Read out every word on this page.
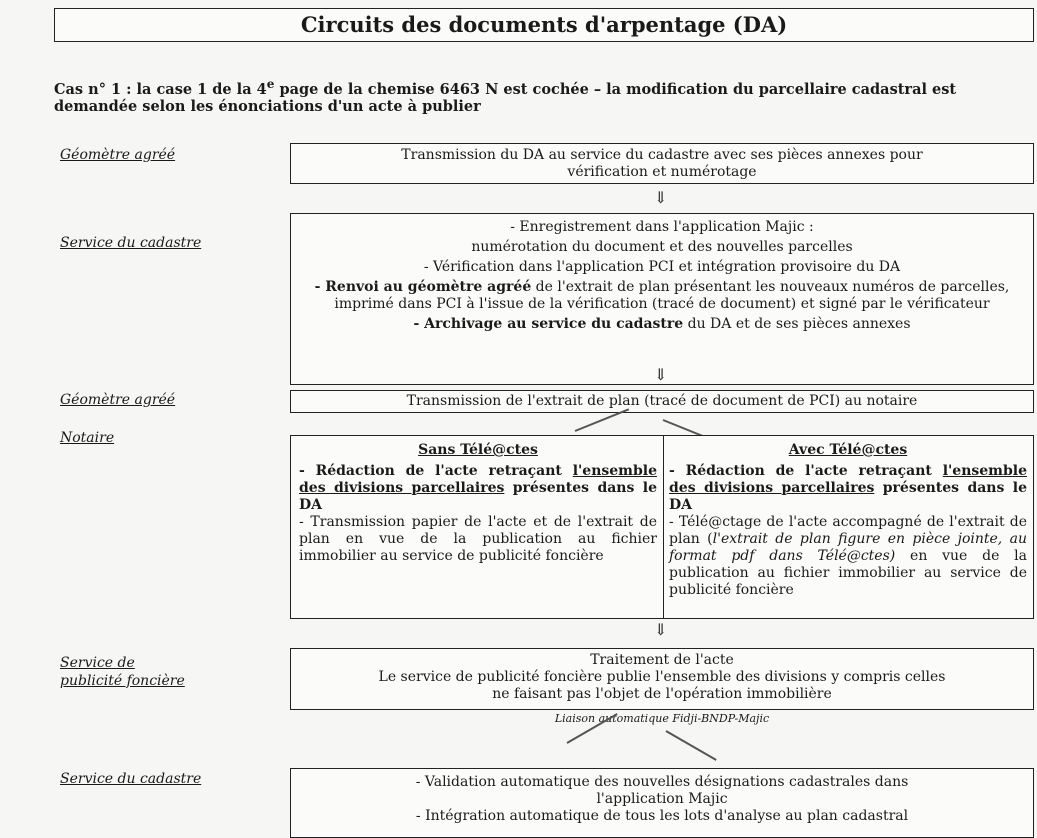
Circuits des documents d'arpentage (DA)
Cas n° 1 : la case 1 de la 4e page de la chemise 6463 N est cochée – la modification du parcellaire cadastral est demandée selon les énonciations d'un acte à publier
Géomètre agréé
Service du cadastre
Géomètre agréé
Notaire
Service de
publicité foncière
Service du cadastre
Transmission du DA au service du cadastre avec ses pièces annexes pour
vérification et numérotage
⇓
- Enregistrement dans l'application Majic :
numérotation du document et des nouvelles parcelles
- Vérification dans l'application PCI et intégration provisoire du DA
- Renvoi au géomètre agréé de l'extrait de plan présentant les nouveaux numéros de parcelles, imprimé dans PCI à l'issue de la vérification (tracé de document) et signé par le vérificateur
- Archivage au service du cadastre du DA et de ses pièces annexes
⇓
Transmission de l'extrait de plan (tracé de document de PCI) au notaire
Sans Télé@ctes
- Rédaction de l'acte retraçant l'ensemble des divisions parcellaires présentes dans le DA
- Transmission papier de l'acte et de l'extrait de plan en vue de la publication au fichier immobilier au service de publicité foncière
Avec Télé@ctes
- Rédaction de l'acte retraçant l'ensemble des divisions parcellaires présentes dans le DA
- Télé@ctage de l'acte accompagné de l'extrait de plan (l'extrait de plan figure en pièce jointe, au format pdf dans Télé@ctes) en vue de la publication au fichier immobilier au service de publicité foncière
⇓
Traitement de l'acte
Le service de publicité foncière publie l'ensemble des divisions y compris celles
ne faisant pas l'objet de l'opération immobilière
Liaison automatique Fidji-BNDP-Majic
- Validation automatique des nouvelles désignations cadastrales dans
l'application Majic
- Intégration automatique de tous les lots d'analyse au plan cadastral
